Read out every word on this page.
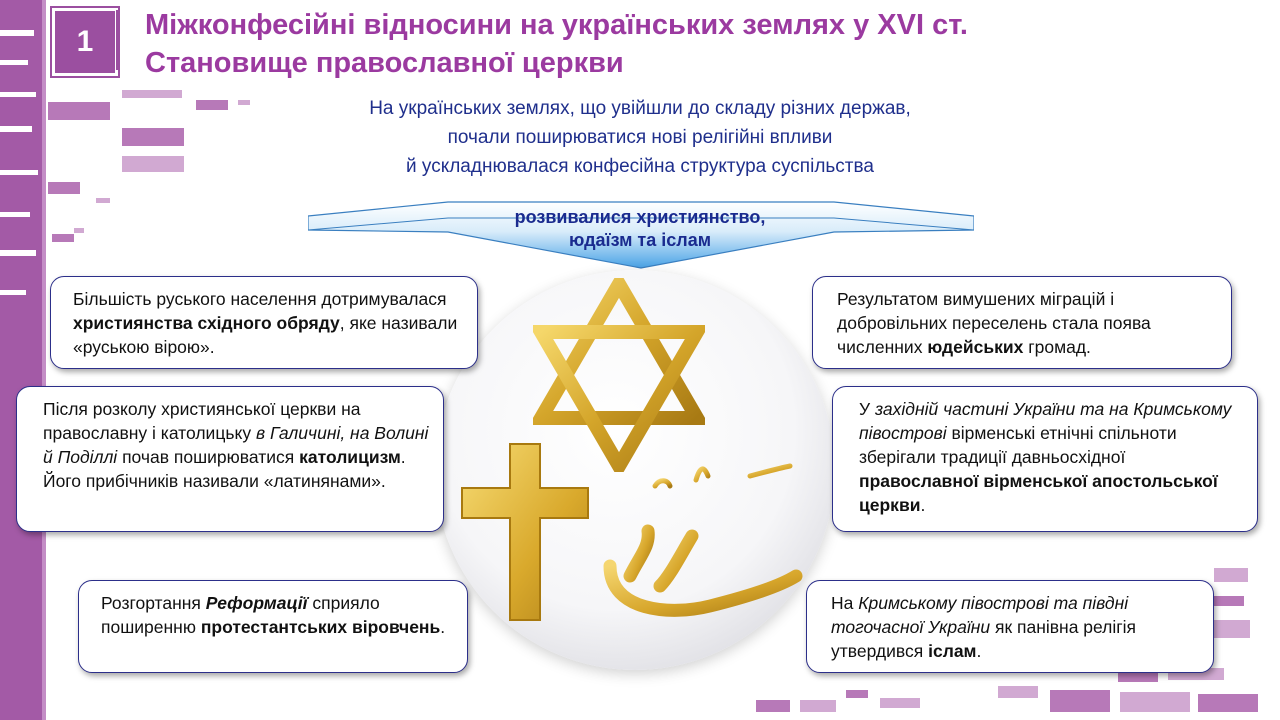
1 Міжконфесійні відносини на українських землях у XVI ст.
Становище православної церкви
На українських землях, що увійшли до складу різних держав,
почали поширюватися нові релігійні впливи
й ускладнювалася конфесійна структура суспільства
розвивалися християнство,
юдаїзм та іслам
Більшість руського населення дотримувалася християнства східного обряду, яке називали «руською вірою».
Після розколу християнської церкви на православну і католицьку в Галичині, на Волині й Поділлі почав поширюватися католицизм. Його прибічників називали «латинянами».
Розгортання Реформації сприяло поширенню протестантських віровчень.
Результатом вимушених міграцій і добровільних переселень стала поява численних юдейських громад.
У західній частині України та на Кримському півострові вірменські етнічні спільноти зберігали традиції давньосхідної православної вірменської апостольської церкви.
На Кримському півострові та півдні тогочасної України як панівна релігія утвердився іслам.
